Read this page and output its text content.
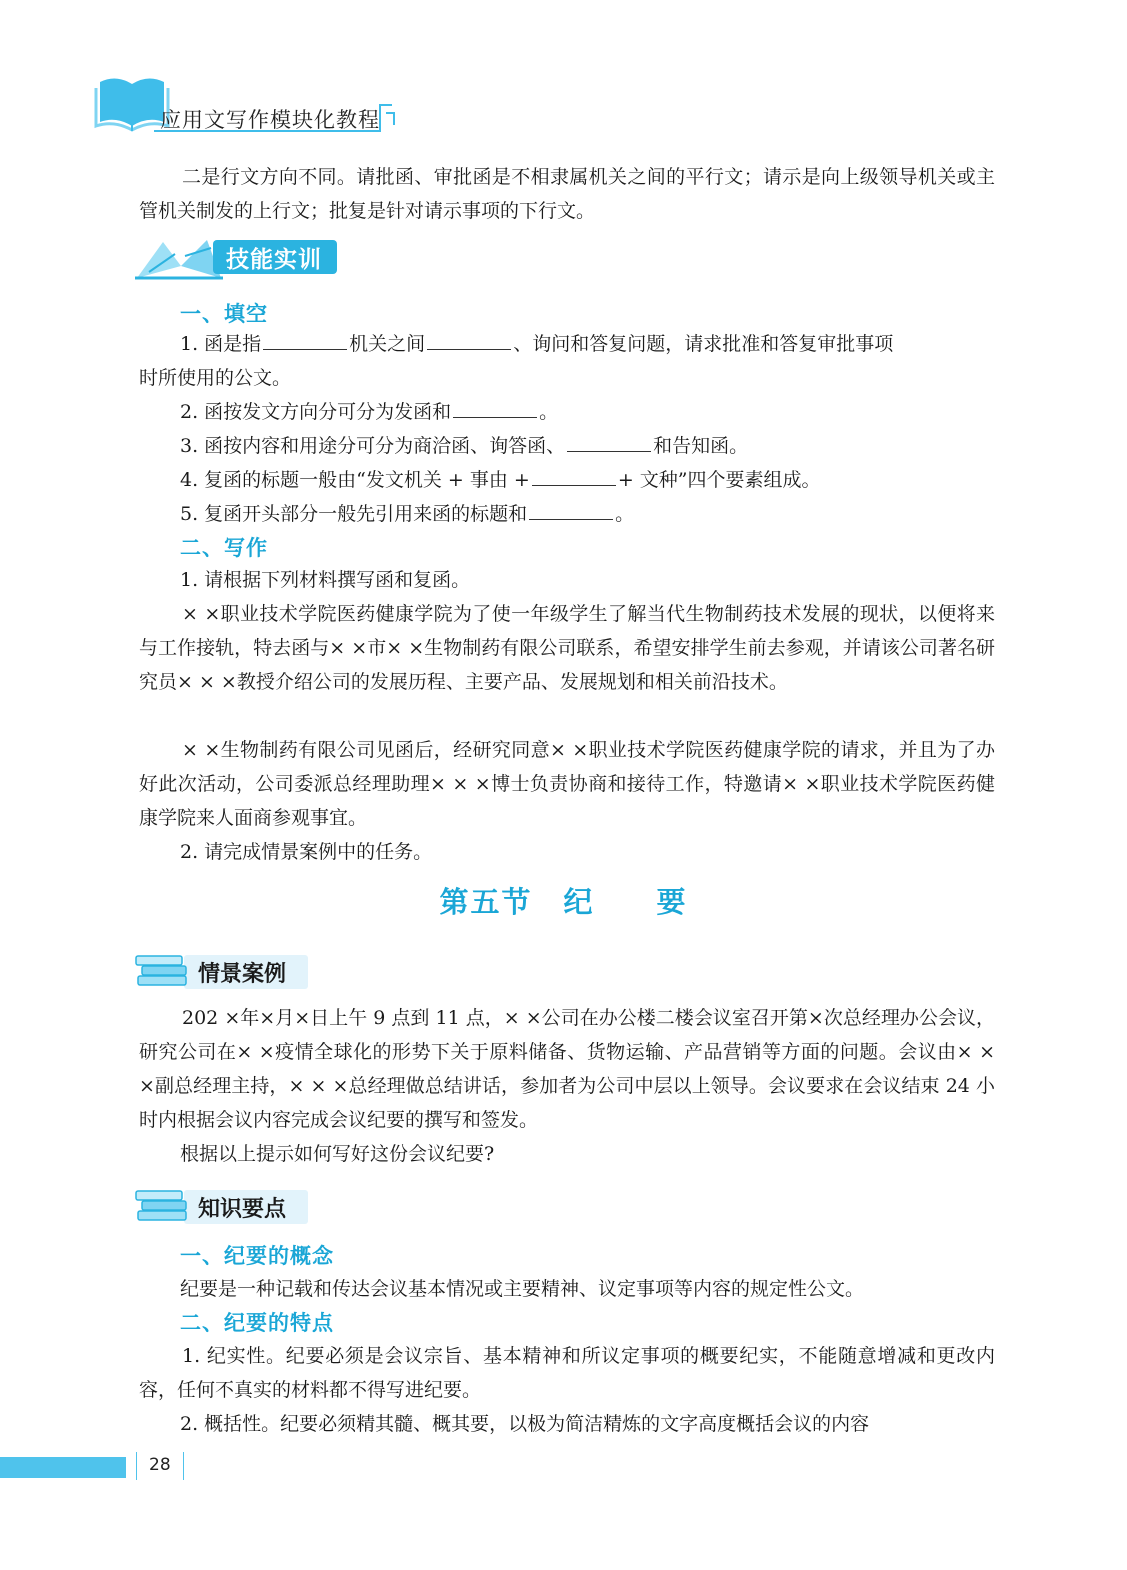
应用文写作模块化教程
二是行文方向不同。请批函、审批函是不相隶属机关之间的平行文；请示是向上级领导机关或主管机关制发的上行文；批复是针对请示事项的下行文。
技能实训
一、填空
1. 函是指	机关之间	、询问和答复问题，请求批准和答复审批事项
时所使用的公文。
2. 函按发文方向分可分为发函和	。
3. 函按内容和用途分可分为商洽函、询答函、	和告知函。
4. 复函的标题一般由“发文机关 + 事由 +	+ 文种”四个要素组成。
5. 复函开头部分一般先引用来函的标题和	。
二、写作
1. 请根据下列材料撰写函和复函。
× ×职业技术学院医药健康学院为了使一年级学生了解当代生物制药技术发展的现状，以便将来与工作接轨，特去函与× ×市× ×生物制药有限公司联系，希望安排学生前去参观，并请该公司著名研究员× × ×教授介绍公司的发展历程、主要产品、发展规划和相关前沿技术。
× ×生物制药有限公司见函后，经研究同意× ×职业技术学院医药健康学院的请求，并且为了办好此次活动，公司委派总经理助理× × ×博士负责协商和接待工作，特邀请× ×职业技术学院医药健康学院来人面商参观事宜。
2. 请完成情景案例中的任务。
第五节　纪　　要
情景案例
202 ×年×月×日上午 9 点到 11 点，× ×公司在办公楼二楼会议室召开第×次总经理办公会议，研究公司在× ×疫情全球化的形势下关于原料储备、货物运输、产品营销等方面的问题。会议由× × ×副总经理主持，× × ×总经理做总结讲话，参加者为公司中层以上领导。会议要求在会议结束 24 小时内根据会议内容完成会议纪要的撰写和签发。
根据以上提示如何写好这份会议纪要?
知识要点
一、纪要的概念
纪要是一种记载和传达会议基本情况或主要精神、议定事项等内容的规定性公文。
二、纪要的特点
1. 纪实性。纪要必须是会议宗旨、基本精神和所议定事项的概要纪实，不能随意增减和更改内容，任何不真实的材料都不得写进纪要。
2. 概括性。纪要必须精其髓、概其要，以极为简洁精炼的文字高度概括会议的内容
28
